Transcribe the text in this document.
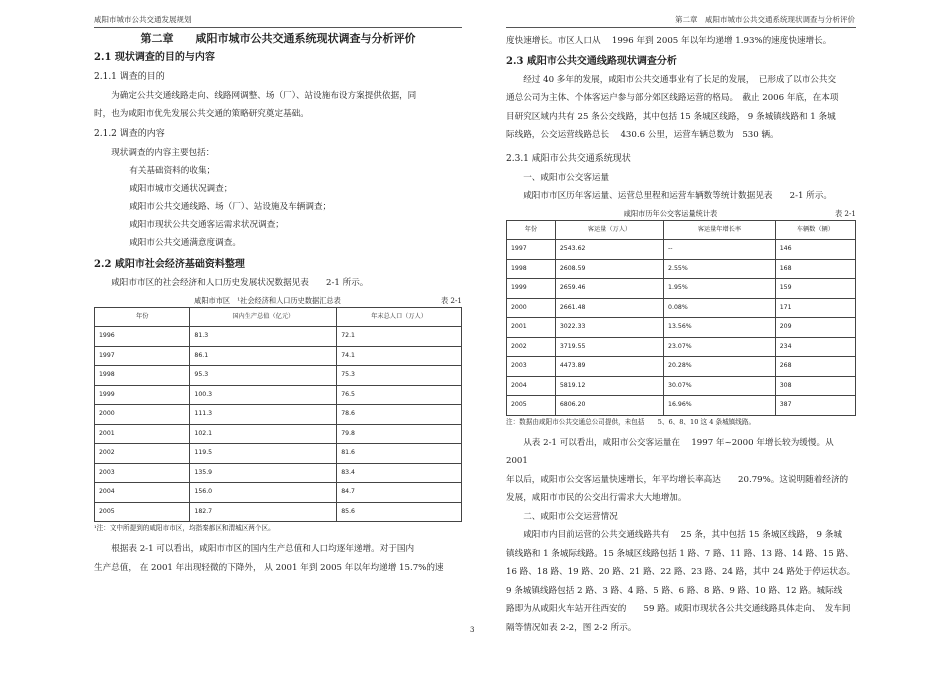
咸阳市城市公共交通发展规划	第二章　咸阳市城市公共交通系统现状调查与分析评价

第二章　　咸阳市城市公共交通系统现状调查与分析评价

2.1 现状调查的目的与内容

2.1.1 调查的目的

为确定公共交通线路走向、线路网调整、场（厂）、站设施布设方案提供依据，同

时，也为咸阳市优先发展公共交通的策略研究奠定基础。

2.1.2 调查的内容

现状调查的内容主要包括：

有关基础资料的收集；

咸阳市城市交通状况调查；

咸阳市公共交通线路、场（厂）、站设施及车辆调查；

咸阳市现状公共交通客运需求状况调查；

咸阳市公共交通满意度调查。

2.2 咸阳市社会经济基础资料整理

咸阳市市区的社会经济和人口历史发展状况数据见表　　2-1 所示。

咸阳市市区　¹社会经济和人口历史数据汇总表	表 2-1
年份	国内生产总值（亿元）	年末总人口（万人）
1996	81.3	72.1
1997	86.1	74.1
1998	95.3	75.3
1999	100.3	76.5
2000	111.3	78.6
2001	102.1	79.8
2002	119.5	81.6
2003	135.9	83.4
2004	156.0	84.7
2005	182.7	85.6

¹注：文中所提到的咸阳市市区，均指秦都区和渭城区两个区。

根据表 2-1 可以看出，咸阳市市区的国内生产总值和人口均逐年递增。对于国内

生产总值， 在 2001 年出现轻微的下降外， 从 2001 年到 2005 年以年均递增 15.7%的速

度快速增长。市区人口从　 1996 年到 2005 年以年均递增 1.93%的速度快速增长。

2.3 咸阳市公共交通线路现状调查分析

经过 40 多年的发展，咸阳市公共交通事业有了长足的发展，　已形成了以市公共交

通总公司为主体、个体客运户参与部分郊区线路运营的格局。　截止 2006 年底，在本项

目研究区域内共有 25 条公交线路，其中包括 15 条城区线路， 9 条城镇线路和 1 条城

际线路，公交运营线路总长　 430.6 公里，运营车辆总数为　530 辆。

2.3.1 咸阳市公共交通系统现状

一、咸阳市公交客运量

咸阳市市区历年客运量、运营总里程和运营车辆数等统计数据见表　　2-1 所示。

咸阳市历年公交客运量统计表	表 2-1
年份	客运量（万人）	客运量年增长率	车辆数（辆）
1997	2543.62	--	146
1998	2608.59	2.55%	168
1999	2659.46	1.95%	159
2000	2661.48	0.08%	171
2001	3022.33	13.56%	209
2002	3719.55	23.07%	234
2003	4473.89	20.28%	268
2004	5819.12	30.07%	308
2005	6806.20	16.96%	387

注：数据由咸阳市公共交通总公司提供，未包括　　5、6、8、10 这 4 条城镇线路。

从表 2-1 可以看出，咸阳市公交客运量在　 1997 年~2000 年增长较为缓慢。从 2001

年以后，咸阳市公交客运量快速增长，年平均增长率高达　　20.79%。这说明随着经济的

发展，咸阳市市民的公交出行需求大大地增加。

二、咸阳市公交运营情况

咸阳市内目前运营的公共交通线路共有　 25 条，其中包括 15 条城区线路， 9 条城

镇线路和 1 条城际线路。15 条城区线路包括 1 路、7 路、11 路、13 路、14 路、15 路、

16 路、18 路、19 路、20 路、21 路、22 路、23 路、24 路，其中 24 路处于停运状态。

9 条城镇线路包括 2 路、3 路、4 路、5 路、6 路、8 路、9 路、10 路、12 路。城际线

路即为从咸阳火车站开往西安的　　59 路。咸阳市现状各公共交通线路具体走向、　发车间

隔等情况如表 2-2，图 2-2 所示。

3
